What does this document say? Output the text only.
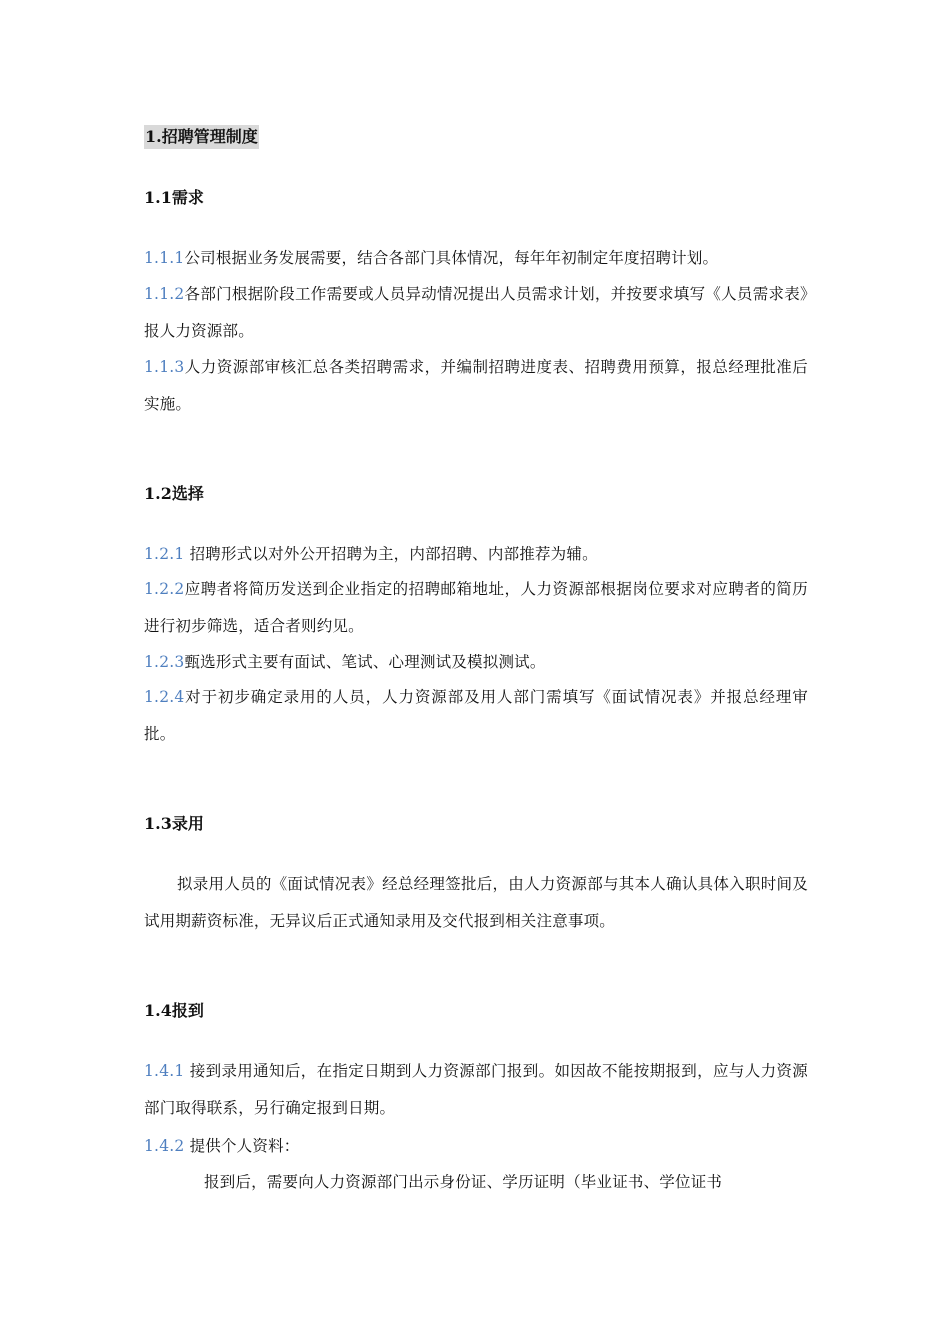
1.招聘管理制度
1.1需求
1.1.1公司根据业务发展需要，结合各部门具体情况，每年年初制定年度招聘计划。
1.1.2各部门根据阶段工作需要或人员异动情况提出人员需求计划，并按要求填写《人员需求表》报人力资源部。
1.1.3人力资源部审核汇总各类招聘需求，并编制招聘进度表、招聘费用预算，报总经理批准后实施。
1.2选择
1.2.1 招聘形式以对外公开招聘为主，内部招聘、内部推荐为辅。
1.2.2应聘者将简历发送到企业指定的招聘邮箱地址，人力资源部根据岗位要求对应聘者的简历进行初步筛选，适合者则约见。
1.2.3甄选形式主要有面试、笔试、心理测试及模拟测试。
1.2.4对于初步确定录用的人员，人力资源部及用人部门需填写《面试情况表》并报总经理审批。
1.3录用
拟录用人员的《面试情况表》经总经理签批后，由人力资源部与其本人确认具体入职时间及试用期薪资标准，无异议后正式通知录用及交代报到相关注意事项。
1.4报到
1.4.1 接到录用通知后，在指定日期到人力资源部门报到。如因故不能按期报到，应与人力资源部门取得联系，另行确定报到日期。
1.4.2 提供个人资料：
报到后，需要向人力资源部门出示身份证、学历证明（毕业证书、学位证书
